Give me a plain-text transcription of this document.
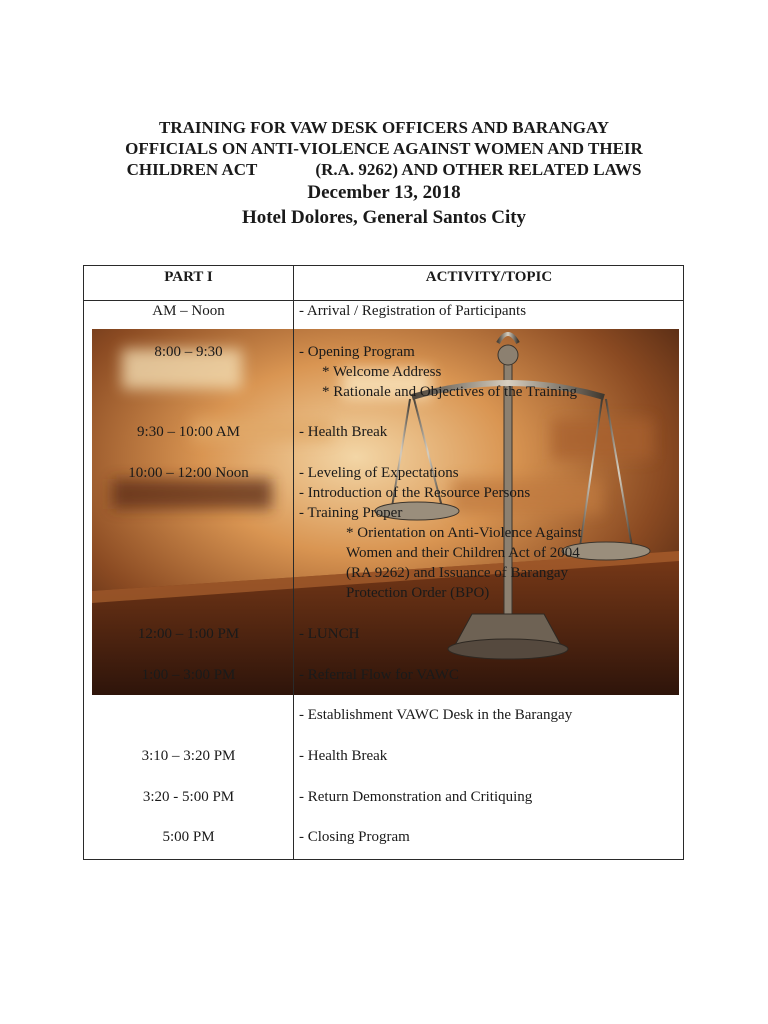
TRAINING FOR VAW DESK OFFICERS AND BARANGAY
OFFICIALS ON ANTI-VIOLENCE AGAINST WOMEN AND THEIR
CHILDREN ACT	(R.A. 9262) AND OTHER RELATED LAWS
December 13, 2018
Hotel Dolores, General Santos City
PART I	ACTIVITY/TOPIC
AM – Noon	- Arrival / Registration of Participants
8:00 – 9:30	- Opening Program
* Welcome Address
* Rationale and Objectives of the Training
9:30 – 10:00 AM	- Health Break
10:00 – 12:00 Noon	- Leveling of Expectations
- Introduction of the Resource Persons
- Training Proper
* Orientation on Anti-Violence Against
Women and their Children Act of 2004
(RA 9262) and Issuance of Barangay
Protection Order (BPO)
12:00 – 1:00 PM	- LUNCH
1:00 – 3:00 PM	- Referral Flow for VAWC
- Establishment VAWC Desk in the Barangay
3:10 – 3:20 PM	- Health Break
3:20 - 5:00 PM	- Return Demonstration and Critiquing
5:00 PM	- Closing Program
